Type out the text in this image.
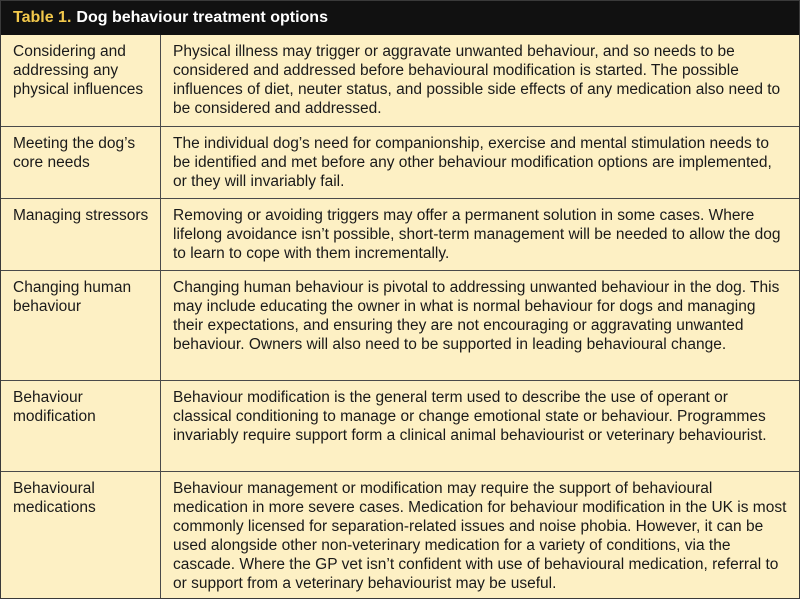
Table 1. Dog behaviour treatment options
Considering and addressing any physical influences
Physical illness may trigger or aggravate unwanted behaviour, and so needs to be considered and addressed before behavioural modification is started. The possible influences of diet, neuter status, and possible side effects of any medication also need to be considered and addressed.
Meeting the dog’s core needs
The individual dog’s need for companionship, exercise and mental stimulation needs to be identified and met before any other behaviour modification options are implemented, or they will invariably fail.
Managing stressors	Removing or avoiding triggers may offer a permanent solution in some cases. Where lifelong avoidance isn’t possible, short-term management will be needed to allow the dog to learn to cope with them incrementally.
Changing human behaviour
Changing human behaviour is pivotal to addressing unwanted behaviour in the dog. This may include educating the owner in what is normal behaviour for dogs and managing their expectations, and ensuring they are not encouraging or aggravating unwanted behaviour. Owners will also need to be supported in leading behavioural change.
Behaviour modification
Behaviour modification is the general term used to describe the use of operant or classical conditioning to manage or change emotional state or behaviour. Programmes invariably require support form a clinical animal behaviourist or veterinary behaviourist.
Behavioural medications
Behaviour management or modification may require the support of behavioural medication in more severe cases. Medication for behaviour modification in the UK is most commonly licensed for separation-related issues and noise phobia. However, it can be used alongside other non-veterinary medication for a variety of conditions, via the cascade. Where the GP vet isn’t confident with use of behavioural medication, referral to or support from a veterinary behaviourist may be useful.
